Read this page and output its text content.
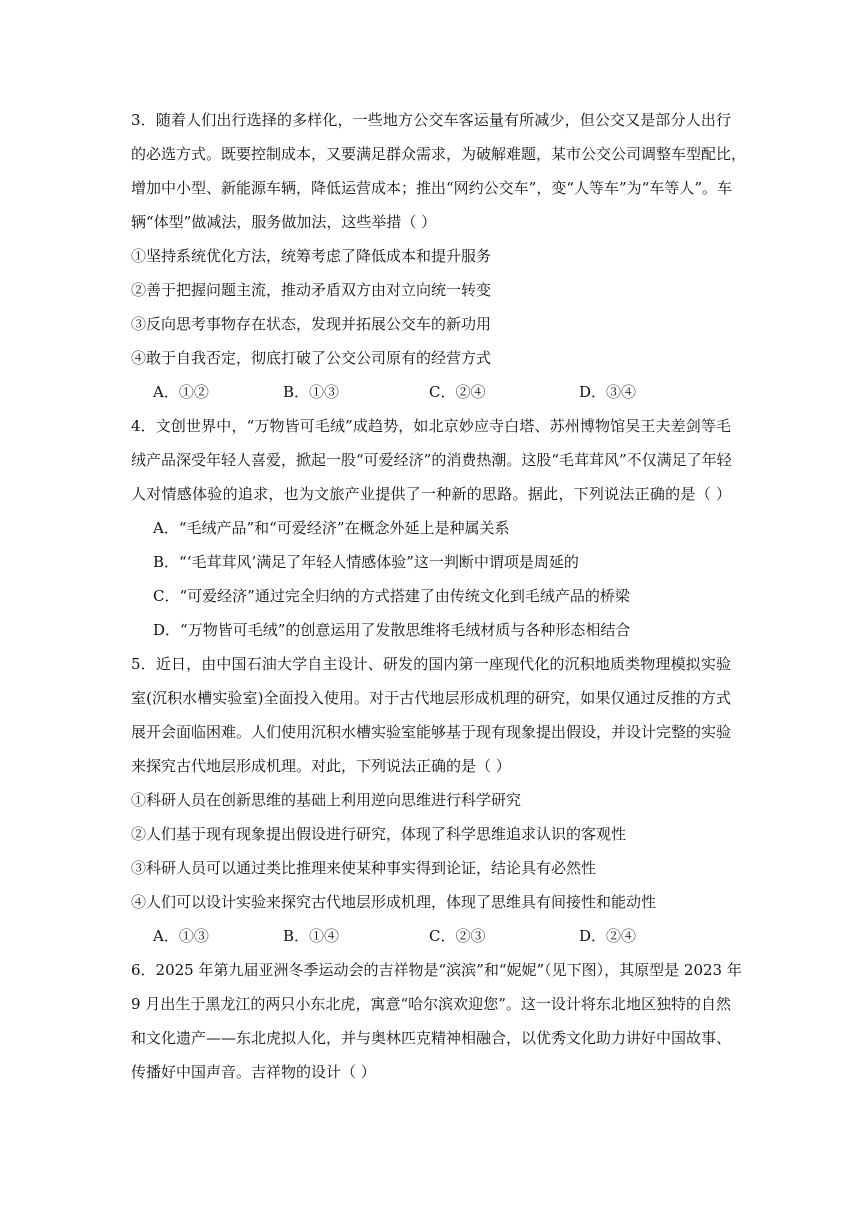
3．随着人们出行选择的多样化，一些地方公交车客运量有所减少，但公交又是部分人出行
的必选方式。既要控制成本，又要满足群众需求，为破解难题，某市公交公司调整车型配比，
增加中小型、新能源车辆，降低运营成本；推出“网约公交车”，变“人等车”为“车等人”。车
辆“体型”做减法，服务做加法，这些举措（ ）
①坚持系统优化方法，统筹考虑了降低成本和提升服务
②善于把握问题主流，推动矛盾双方由对立向统一转变
③反向思考事物存在状态，发现并拓展公交车的新功用
④敢于自我否定，彻底打破了公交公司原有的经营方式
A．①②	B．①③	C．②④	D．③④
4．文创世界中，“万物皆可毛绒”成趋势，如北京妙应寺白塔、苏州博物馆吴王夫差剑等毛
绒产品深受年轻人喜爱，掀起一股“可爱经济”的消费热潮。这股“毛茸茸风”不仅满足了年轻
人对情感体验的追求，也为文旅产业提供了一种新的思路。据此，下列说法正确的是（ ）
A．“毛绒产品”和“可爱经济”在概念外延上是种属关系
B．“‘毛茸茸风’满足了年轻人情感体验”这一判断中谓项是周延的
C．“可爱经济”通过完全归纳的方式搭建了由传统文化到毛绒产品的桥梁
D．“万物皆可毛绒”的创意运用了发散思维将毛绒材质与各种形态相结合
5．近日，由中国石油大学自主设计、研发的国内第一座现代化的沉积地质类物理模拟实验
室(沉积水槽实验室)全面投入使用。对于古代地层形成机理的研究，如果仅通过反推的方式
展开会面临困难。人们使用沉积水槽实验室能够基于现有现象提出假设，并设计完整的实验
来探究古代地层形成机理。对此，下列说法正确的是（ ）
①科研人员在创新思维的基础上利用逆向思维进行科学研究
②人们基于现有现象提出假设进行研究，体现了科学思维追求认识的客观性
③科研人员可以通过类比推理来使某种事实得到论证，结论具有必然性
④人们可以设计实验来探究古代地层形成机理，体现了思维具有间接性和能动性
A．①③	B．①④	C．②③	D．②④
6．2025 年第九届亚洲冬季运动会的吉祥物是“滨滨”和“妮妮”（见下图），其原型是 2023 年
9 月出生于黑龙江的两只小东北虎，寓意“哈尔滨欢迎您”。这一设计将东北地区独特的自然
和文化遗产——东北虎拟人化，并与奥林匹克精神相融合，以优秀文化助力讲好中国故事、
传播好中国声音。吉祥物的设计（ ）
